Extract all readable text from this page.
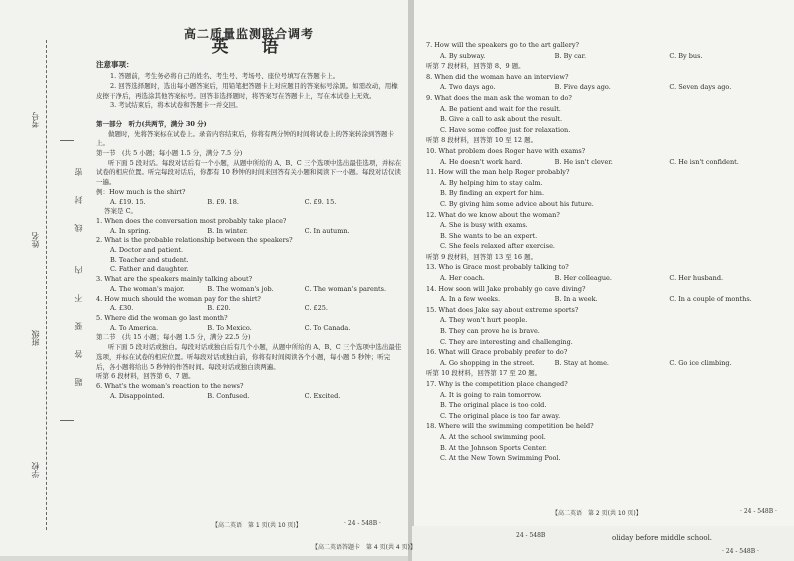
考号
姓名
班级
学校
密
封
线
内
不
要
答
题
高二质量监测联合调考
英　语
注意事项：

1. 答题前，考生务必将自己的姓名、考生号、考场号、座位号填写在答题卡上。

2. 回答选择题时，选出每小题答案后，用铅笔把答题卡上对应题目的答案标号涂黑。如需改动，用橡皮擦干净后，再选涂其他答案标号。回答非选择题时，将答案写在答题卡上，写在本试卷上无效。

3. 考试结束后，将本试卷和答题卡一并交回。

第一部分　听力(共两节，满分 30 分)

做题时，先将答案标在试卷上。录音内容结束后，你将有两分钟的时间将试卷上的答案转涂到答题卡上。

第一节　(共 5 小题；每小题 1.5 分，满分 7.5 分)

听下面 5 段对话。每段对话后有一个小题，从题中所给的 A、B、C 三个选项中选出最佳选项，并标在试卷的相应位置。听完每段对话后，你都有 10 秒钟的时间来回答有关小题和阅读下一小题。每段对话仅读一遍。

例：How much is the shirt?
A. £19. 15.	B. £9. 18.	C. £9. 15.
答案是 C。
1. When does the conversation most probably take place?
A. In spring.	B. In winter.	C. In autumn.
2. What is the probable relationship between the speakers?
A. Doctor and patient.
B. Teacher and student.
C. Father and daughter.
3. What are the speakers mainly talking about?
A. The woman's major.	B. The woman's job.	C. The woman's parents.
4. How much should the woman pay for the shirt?
A. £30.	B. £20.	C. £25.
5. Where did the woman go last month?
A. To America.	B. To Mexico.	C. To Canada.
第二节　(共 15 小题；每小题 1.5 分，满分 22.5 分)

听下面 5 段对话或独白。每段对话或独白后有几个小题，从题中所给的 A、B、C 三个选项中选出最佳选项，并标在试卷的相应位置。听每段对话或独白前，你将有时间阅读各个小题，每小题 5 秒钟；听完后，各小题将给出 5 秒钟的作答时间。每段对话或独白读两遍。

听第 6 段材料，回答第 6、7 题。
6. What's the woman's reaction to the news?
A. Disappointed.	B. Confused.	C. Excited.
【高二英语　第 1 页(共 10 页)】	· 24 - 548B ·
7. How will the speakers go to the art gallery?
A. By subway.	B. By car.	C. By bus.
听第 7 段材料，回答第 8、9 题。
8. When did the woman have an interview?
A. Two days ago.	B. Five days ago.	C. Seven days ago.
9. What does the man ask the woman to do?
A. Be patient and wait for the result.
B. Give a call to ask about the result.
C. Have some coffee just for relaxation.
听第 8 段材料，回答第 10 至 12 题。
10. What problem does Roger have with exams?
A. He doesn't work hard.	B. He isn't clever.	C. He isn't confident.
11. How will the man help Roger probably?
A. By helping him to stay calm.
B. By finding an expert for him.
C. By giving him some advice about his future.
12. What do we know about the woman?
A. She is busy with exams.
B. She wants to be an expert.
C. She feels relaxed after exercise.
听第 9 段材料，回答第 13 至 16 题。
13. Who is Grace most probably talking to?
A. Her coach.	B. Her colleague.	C. Her husband.
14. How soon will Jake probably go cave diving?
A. In a few weeks.	B. In a week.	C. In a couple of months.
15. What does Jake say about extreme sports?
A. They won't hurt people.
B. They can prove he is brave.
C. They are interesting and challenging.
16. What will Grace probably prefer to do?
A. Go shopping in the street.	B. Stay at home.	C. Go ice climbing.
听第 10 段材料，回答第 17 至 20 题。
17. Why is the competition place changed?
A. It is going to rain tomorrow.
B. The original place is too cold.
C. The original place is too far away.
18. Where will the swimming competition be held?
A. At the school swimming pool.
B. At the Johnson Sports Center.
C. At the New Town Swimming Pool.
【高二英语　第 2 页(共 10 页)】	· 24 - 548B ·
【高二英语答题卡　第 4 页(共 4 页)】
24 - 548B	oliday before middle school.
· 24 - 548B ·
